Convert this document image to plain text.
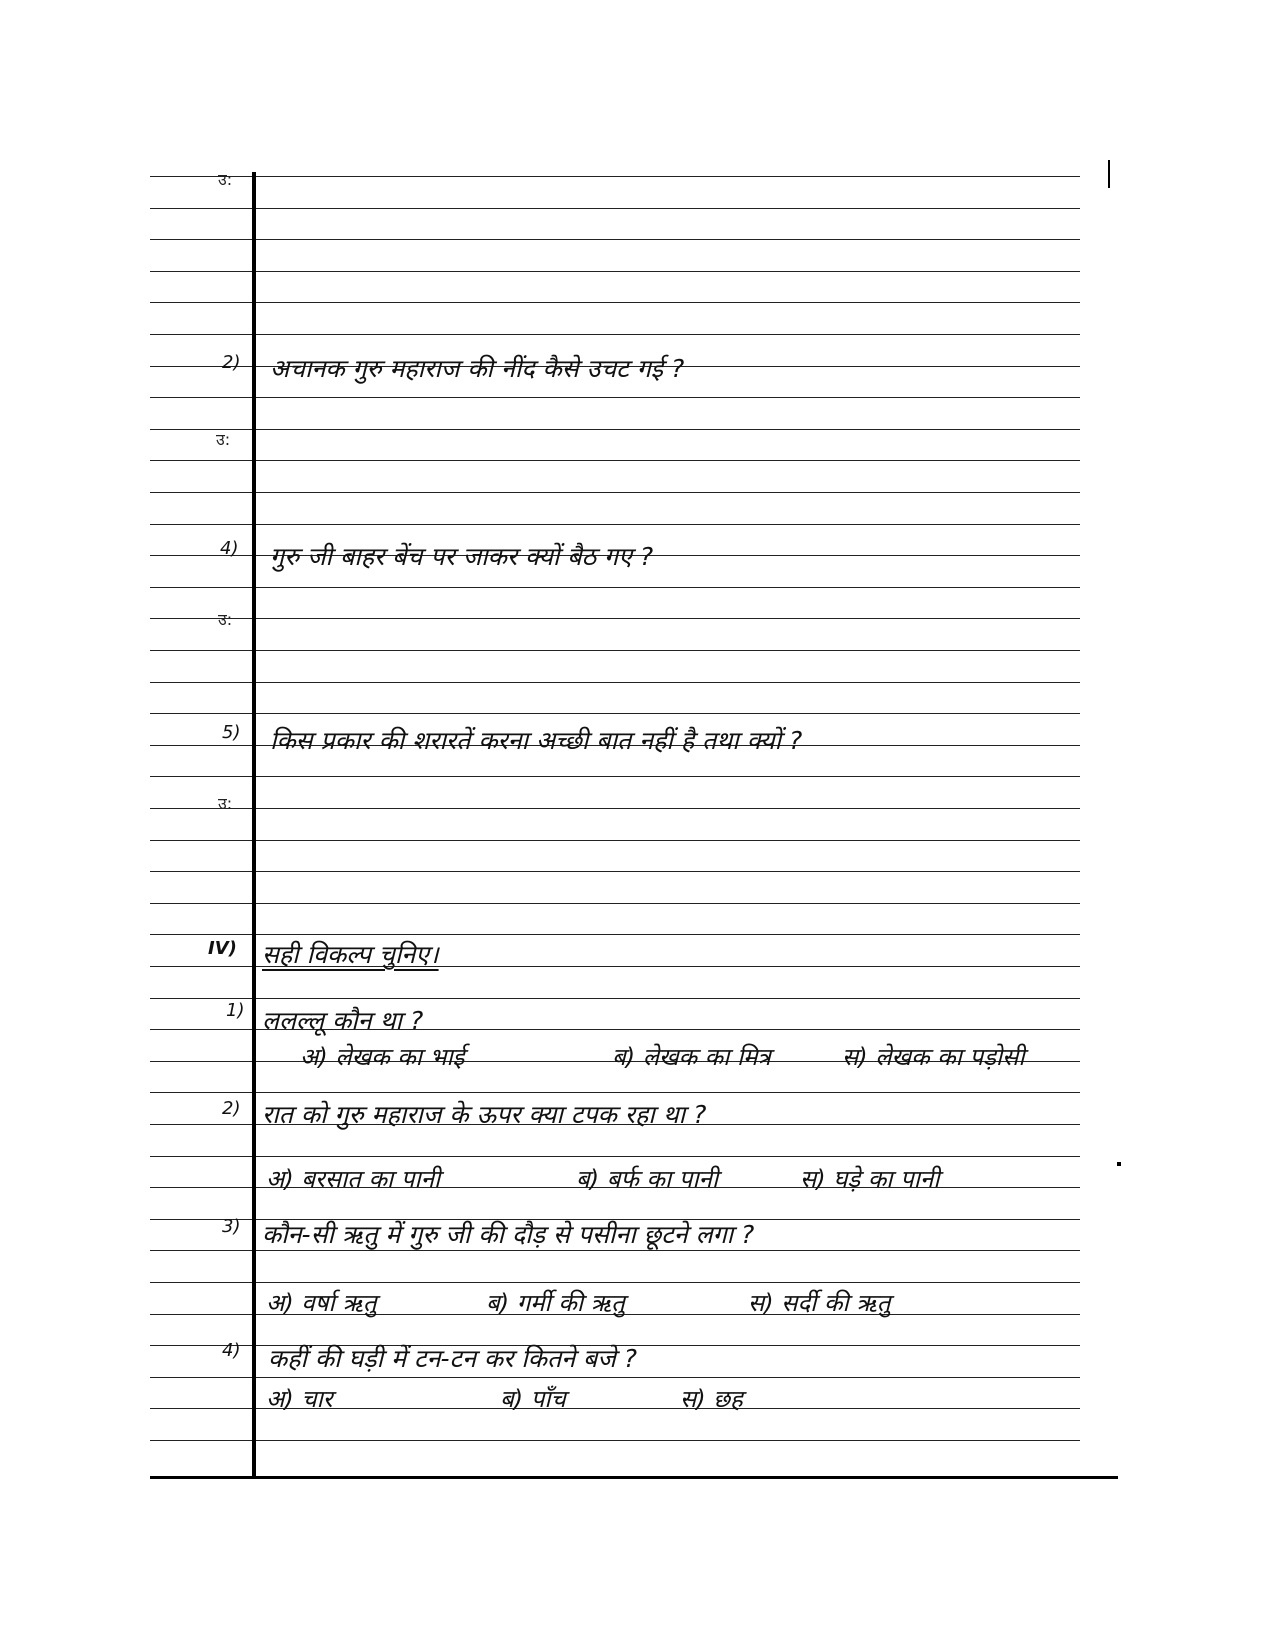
उ:
उ:
उ:
उ:
2) अचानक गुरु महाराज की नींद कैसे उचट गई ?
4) गुरु जी बाहर बेंच पर जाकर क्यों बैठ गए ?
5) किस प्रकार की शरारतें करना अच्छी बात नहीं है तथा क्यों ?
IV) सही विकल्प चुनिए।
1) ललल्लू कौन था ?
अ) लेखक का भाई	ब) लेखक का मित्र	स) लेखक का पड़ोसी
2) रात को गुरु महाराज के ऊपर क्या टपक रहा था ?
अ) बरसात का पानी	ब) बर्फ का पानी	स) घड़े का पानी
3) कौन-सी ऋतु में गुरु जी की दौड़ से पसीना छूटने लगा ?
अ) वर्षा ऋतु	ब) गर्मी की ऋतु	स) सर्दी की ऋतु
4) कहीं की घड़ी में टन-टन कर कितने बजे ?
अ) चार	ब) पाँच	स) छह
